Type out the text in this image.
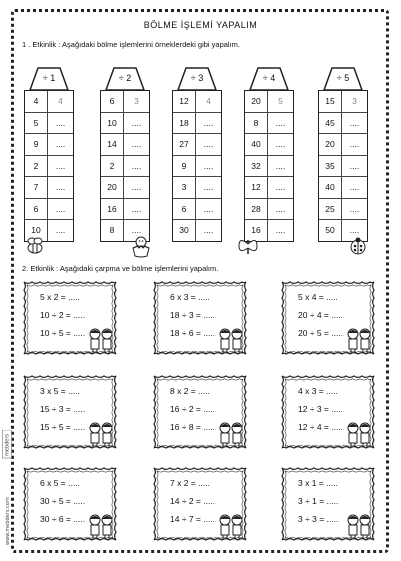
BÖLME İŞLEMİ YAPALIM
1 . Etkinlik : Aşağıdaki bölme işlemlerini örneklerdeki gibi yapalım.
÷ 1
4	4
5	....
9	....
2	....
7	....
6	....
10	....
÷ 2
6	3
10	....
14	....
2	....
20	....
16	....
8	....
÷ 3
12	4
18	....
27	....
9	....
3	....
6	....
30	....
÷ 4
20	5
8	....
40	....
32	....
12	....
28	....
16	....
÷ 5
15	3
45	....
20	....
35	....
40	....
25	....
50	....
2. Etkinlik : Aşağıdaki çarpma ve bölme işlemlerini yapalım.
5 x 2 = .....
10 ÷ 2 = .....
10 ÷ 5 = .....
6 x 3 = .....
18 ÷ 3 = .....
18 ÷ 6 = .....
5 x 4 = .....
20 ÷ 4 = .....
20 ÷ 5 = .....
3 x 5 = .....
15 ÷ 3 = .....
15 ÷ 5 = .....
8 x 2 = .....
16 ÷ 2 = .....
16 ÷ 8 = .....
4 x 3 = .....
12 ÷ 3 = .....
12 ÷ 4 = .....
6 x 5 = .....
30 ÷ 5 = .....
30 ÷ 6 = .....
7 x 2 = .....
14 ÷ 2 = .....
14 ÷ 7 = .....
3 x 1 = .....
3 ÷ 1 = .....
3 ÷ 3 = .....
mebders
www.mebders.com
